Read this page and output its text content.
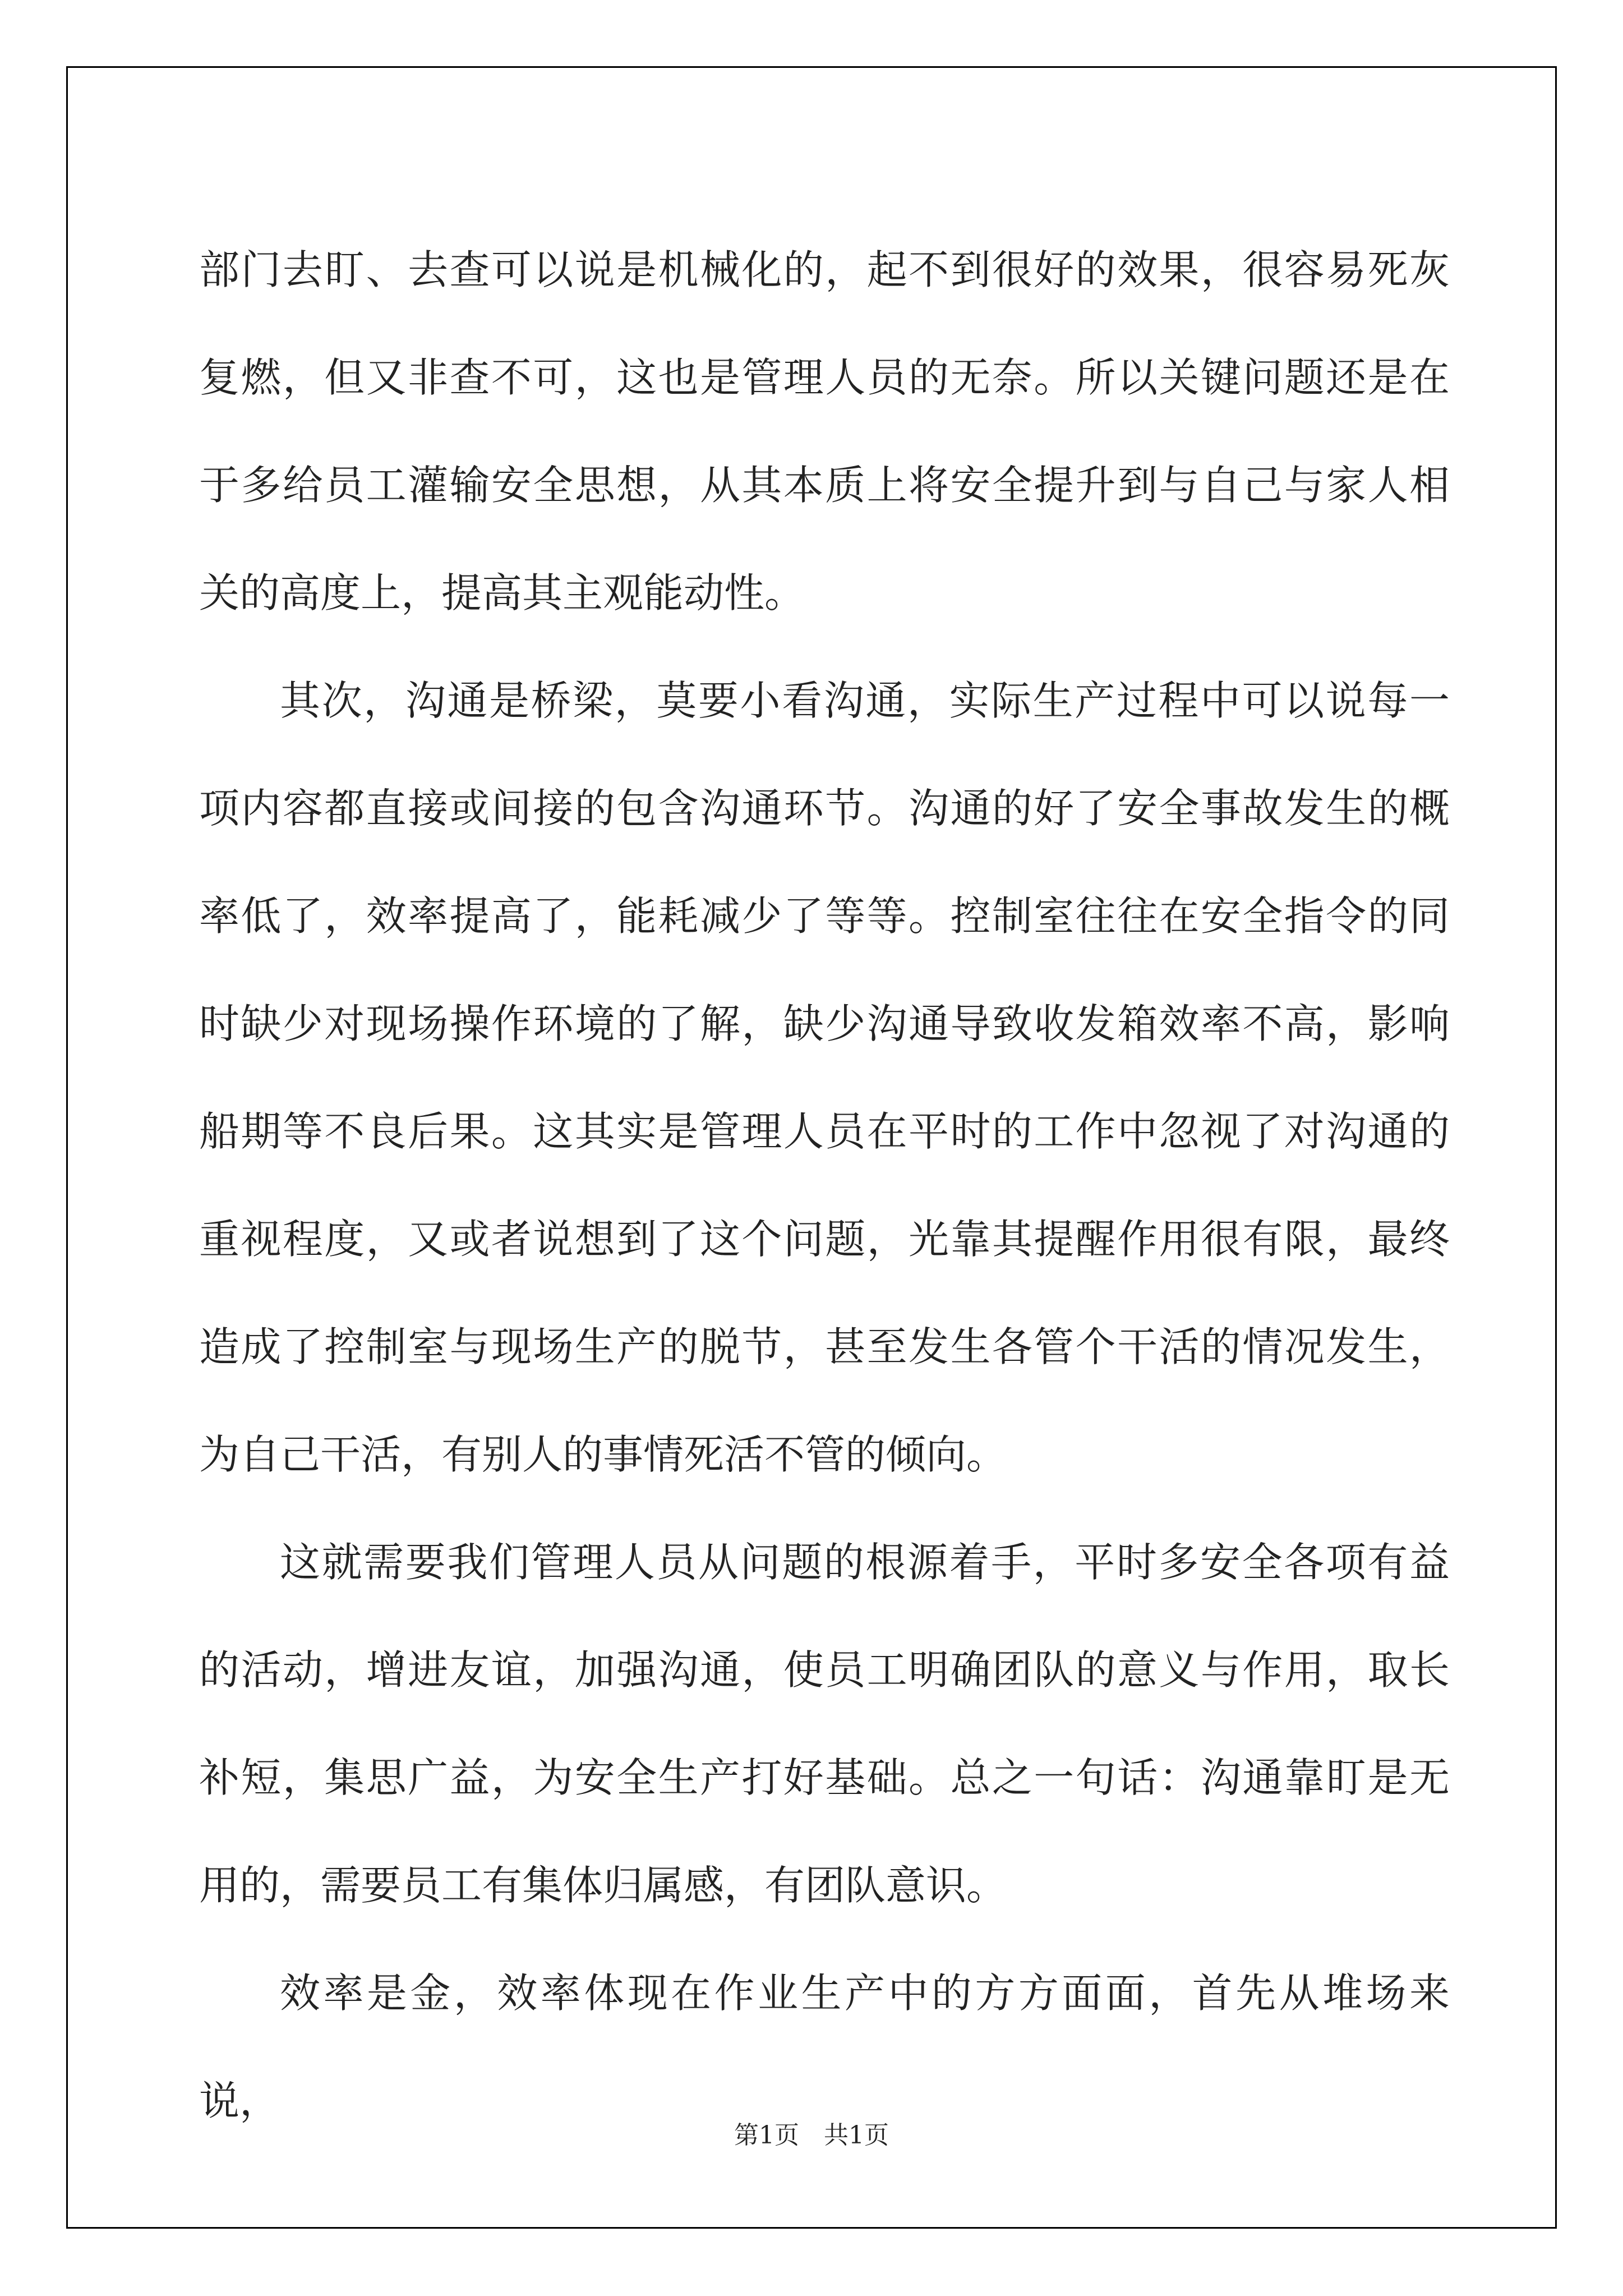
部门去盯、去查可以说是机械化的，起不到很好的效果，很容易死灰复燃，但又非查不可，这也是管理人员的无奈。所以关键问题还是在于多给员工灌输安全思想，从其本质上将安全提升到与自己与家人相关的高度上，提高其主观能动性。

其次，沟通是桥梁，莫要小看沟通，实际生产过程中可以说每一项内容都直接或间接的包含沟通环节。沟通的好了安全事故发生的概率低了，效率提高了，能耗减少了等等。控制室往往在安全指令的同时缺少对现场操作环境的了解，缺少沟通导致收发箱效率不高，影响船期等不良后果。这其实是管理人员在平时的工作中忽视了对沟通的重视程度，又或者说想到了这个问题，光靠其提醒作用很有限，最终造成了控制室与现场生产的脱节，甚至发生各管个干活的情况发生，为自己干活，有别人的事情死活不管的倾向。

这就需要我们管理人员从问题的根源着手，平时多安全各项有益的活动，增进友谊，加强沟通，使员工明确团队的意义与作用，取长补短，集思广益，为安全生产打好基础。总之一句话：沟通靠盯是无用的，需要员工有集体归属感，有团队意识。

效率是金，效率体现在作业生产中的方方面面，首先从堆场来说，

第1页　共1页
